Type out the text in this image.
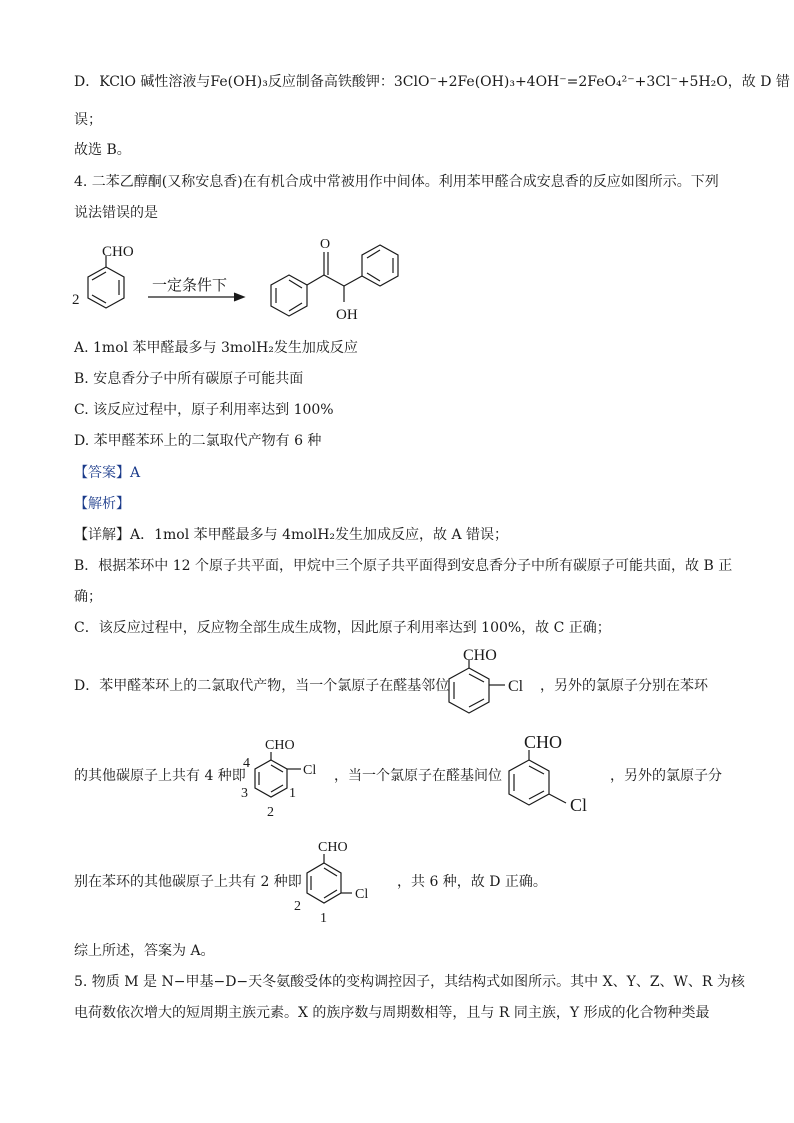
D．KClO 碱性溶液与Fe(OH)₃反应制备高铁酸钾：3ClO⁻+2Fe(OH)₃+4OH⁻=2FeO₄²⁻+3Cl⁻+5H₂O，故 D 错
误；
故选 B。
4. 二苯乙醇酮(又称安息香)在有机合成中常被用作中间体。利用苯甲醛合成安息香的反应如图所示。下列
说法错误的是
2
CHO
一定条件下
O
OH
A. 1mol 苯甲醛最多与 3molH₂发生加成反应
B. 安息香分子中所有碳原子可能共面
C. 该反应过程中，原子利用率达到 100%
D. 苯甲醛苯环上的二氯取代产物有 6 种
【答案】A
【解析】
【详解】A．1mol 苯甲醛最多与 4molH₂发生加成反应，故 A 错误；
B．根据苯环中 12 个原子共平面，甲烷中三个原子共平面得到安息香分子中所有碳原子可能共面，故 B 正
确；
C．该反应过程中，反应物全部生成生成物，因此原子利用率达到 100%，故 C 正确；
D．苯甲醛苯环上的二氯取代产物，当一个氯原子在醛基邻位	，另外的氯原子分别在苯环
CHO
Cl
的其他碳原子上共有 4 种即
CHO
Cl
4
3
2
1
，当一个氯原子在醛基间位
CHO
Cl
，另外的氯原子分
别在苯环的其他碳原子上共有 2 种即
CHO
Cl
2
1
，共 6 种，故 D 正确。
综上所述，答案为 A。
5. 物质 M 是 N−甲基−D−天冬氨酸受体的变构调控因子，其结构式如图所示。其中 X、Y、Z、W、R 为核
电荷数依次增大的短周期主族元素。X 的族序数与周期数相等，且与 R 同主族，Y 形成的化合物种类最
